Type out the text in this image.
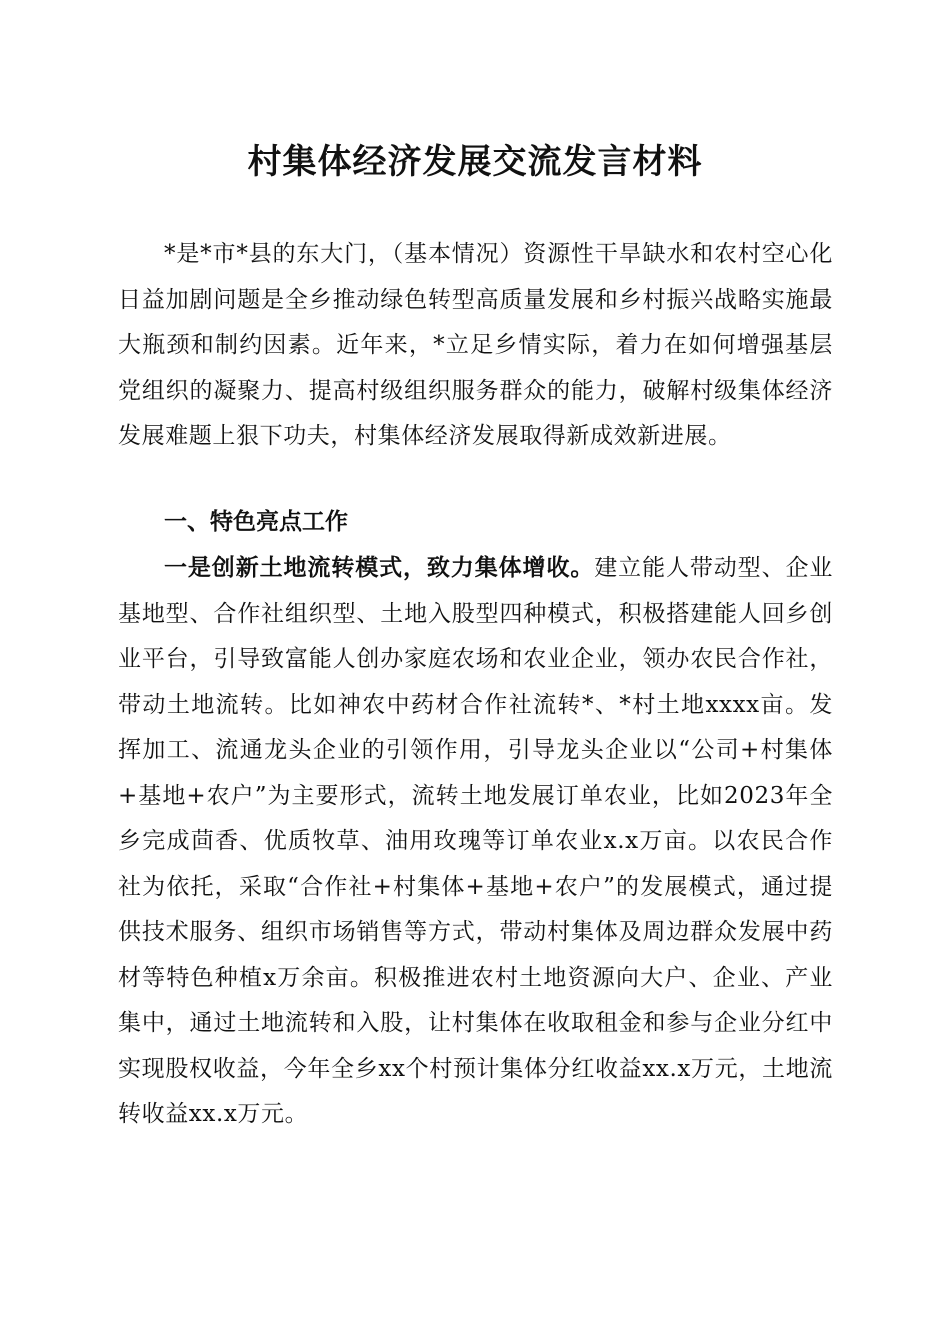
村集体经济发展交流发言材料

*是*市*县的东大门，（基本情况）资源性干旱缺水和农村空心化日益加剧问题是全乡推动绿色转型高质量发展和乡村振兴战略实施最大瓶颈和制约因素。近年来，*立足乡情实际，着力在如何增强基层党组织的凝聚力、提高村级组织服务群众的能力，破解村级集体经济发展难题上狠下功夫，村集体经济发展取得新成效新进展。

一、特色亮点工作

一是创新土地流转模式，致力集体增收。建立能人带动型、企业基地型、合作社组织型、土地入股型四种模式，积极搭建能人回乡创业平台，引导致富能人创办家庭农场和农业企业，领办农民合作社，带动土地流转。比如神农中药材合作社流转*、*村土地xxxx亩。发挥加工、流通龙头企业的引领作用，引导龙头企业以“公司+村集体+基地+农户”为主要形式，流转土地发展订单农业，比如2023年全乡完成茴香、优质牧草、油用玫瑰等订单农业x.x万亩。以农民合作社为依托，采取“合作社+村集体+基地+农户”的发展模式，通过提供技术服务、组织市场销售等方式，带动村集体及周边群众发展中药材等特色种植x万余亩。积极推进农村土地资源向大户、企业、产业集中，通过土地流转和入股，让村集体在收取租金和参与企业分红中实现股权收益，今年全乡xx个村预计集体分红收益xx.x万元，土地流转收益xx.x万元。
